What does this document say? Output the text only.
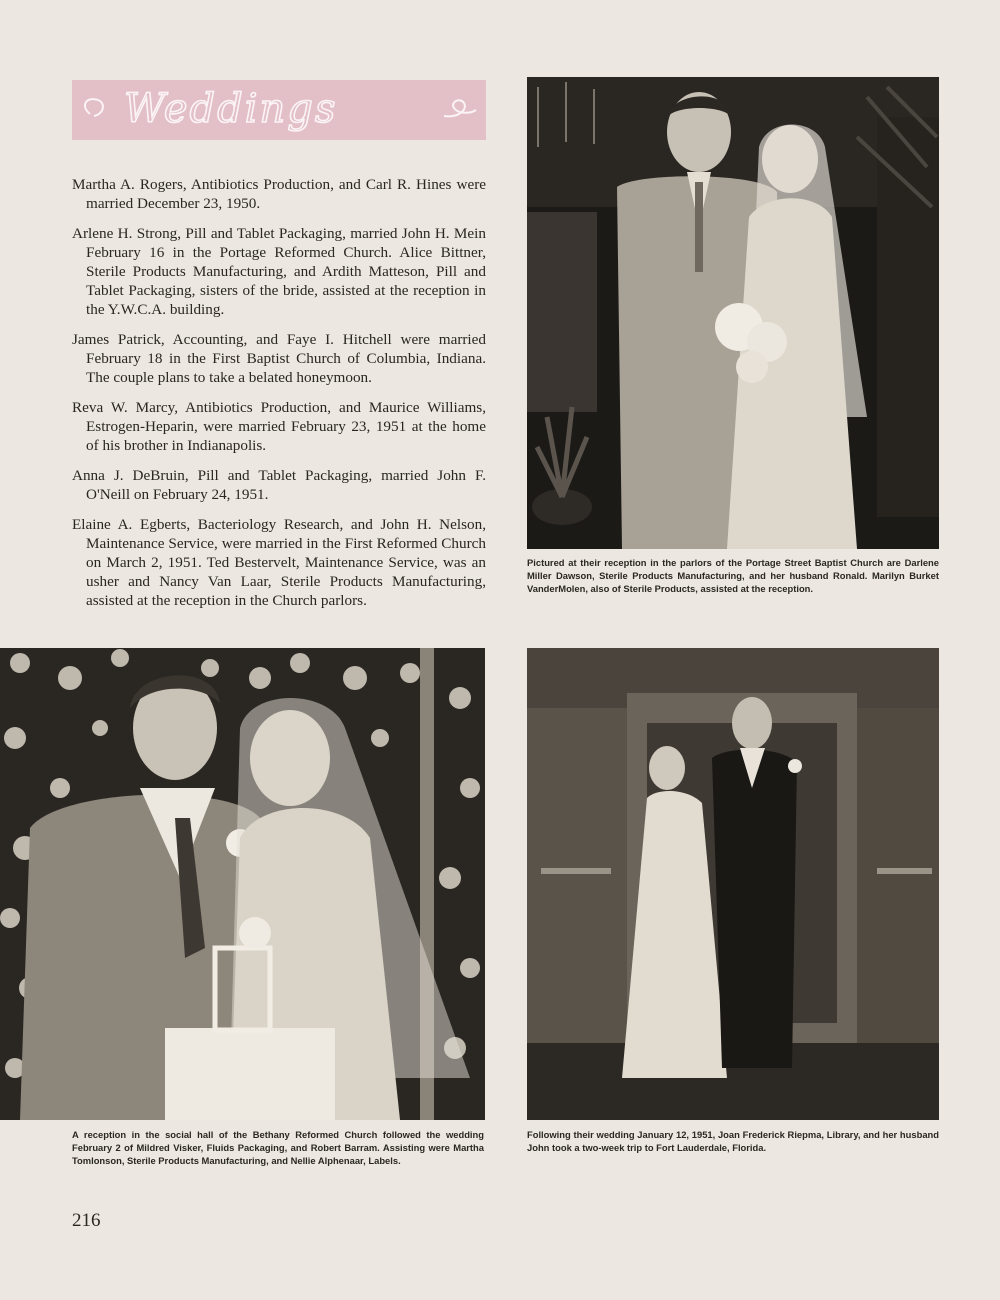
Weddings

Martha A. Rogers, Antibiotics Production, and Carl R. Hines were married December 23, 1950.

Arlene H. Strong, Pill and Tablet Packaging, married John H. Mein February 16 in the Portage Reformed Church. Alice Bittner, Sterile Products Manufacturing, and Ardith Matteson, Pill and Tablet Packaging, sisters of the bride, assisted at the reception in the Y.W.C.A. building.

James Patrick, Accounting, and Faye I. Hitchell were married February 18 in the First Baptist Church of Columbia, Indiana. The couple plans to take a belated honeymoon.

Reva W. Marcy, Antibiotics Production, and Maurice Williams, Estrogen-Heparin, were married February 23, 1951 at the home of his brother in Indianapolis.

Anna J. DeBruin, Pill and Tablet Packaging, married John F. O'Neill on February 24, 1951.

Elaine A. Egberts, Bacteriology Research, and John H. Nelson, Maintenance Service, were married in the First Reformed Church on March 2, 1951. Ted Bestervelt, Maintenance Service, was an usher and Nancy Van Laar, Sterile Products Manufacturing, assisted at the reception in the Church parlors.

Pictured at their reception in the parlors of the Portage Street Baptist Church are Darlene Miller Dawson, Sterile Products Manufacturing, and her husband Ronald. Marilyn Burket VanderMolen, also of Sterile Products, assisted at the reception.
A reception in the social hall of the Bethany Reformed Church followed the wedding February 2 of Mildred Visker, Fluids Packaging, and Robert Barram. Assisting were Martha Tomlonson, Sterile Products Manufacturing, and Nellie Alphenaar, Labels.
Following their wedding January 12, 1951, Joan Frederick Riepma, Library, and her husband John took a two-week trip to Fort Lauderdale, Florida.
216
